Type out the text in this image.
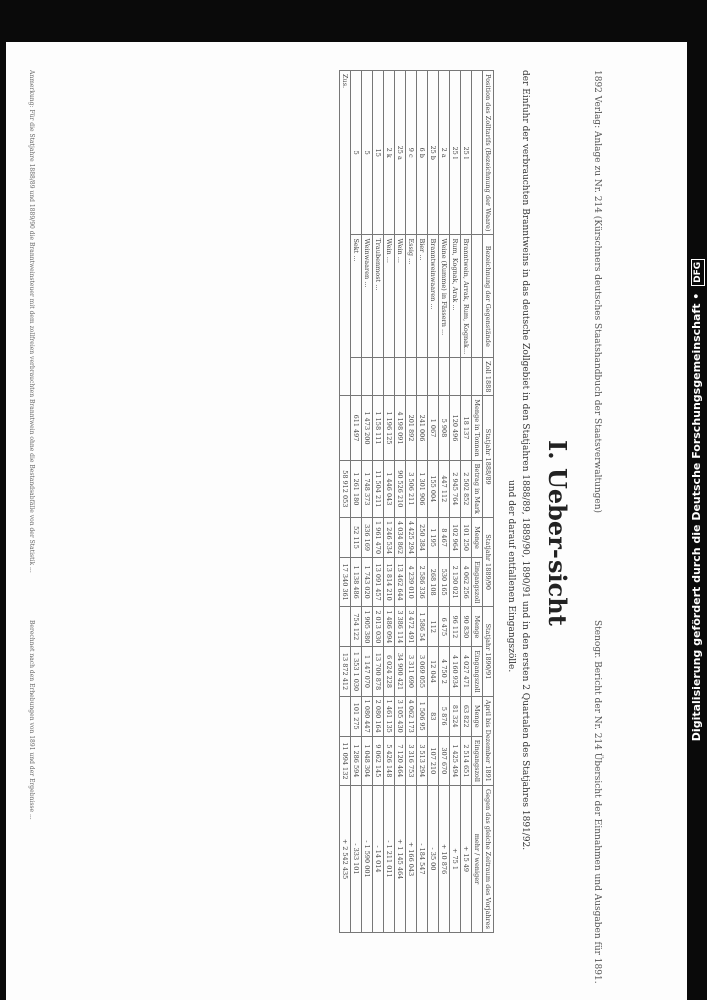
1892 Verlag: Anlage zu Nr. 214 (Kürschners deutsches Staatshandbuch der Staatsverwaltungen)
Stenogr. Bericht der Nr. 214 Übersicht der Einnahmen und Ausgaben für 1891.
I. Ueber-
sicht
der Einfuhr der verbrauchten Branntweins in das deutsche Zollgebiet in den Statjahren 1888/89, 1889/90, 1890/91 und in den ersten 2 Quartalen des Statjahres 1891/92.
und der darauf entfallenen Eingangszölle.
Position des Zolltarifs (Bezeichnung der Waare)	Bezeichnung der Gegenstände	Zoll 1888	Statjahr 1888/89		Statjahr 1889/90		Statjahr 1890/91		April bis Dezember 1891		Gegen das gleiche Zeitraum des Vorjahres
			Menge in Tonnen	Betrag in Mark	Menge	Eingangszoll	Menge	Eingangszoll	Menge	Eingangszoll	mehr / weniger
25 l	Branntwein, Arrak, Rum, Kognak...		18 137	2 502 852	101 250	4 062 256	90 830	4 027 471	63 822	2 514 651	+ 15 49
25 l	Rum, Kognak, Arak ...		120 496	2 945 764	102 964	2 130 021	96 112	4 160 934	81 324	1 425 494	+ 75 1
2 a	Weine (Kumme) in Fässern ...		5 908	447 112	8 467	530 165	6 475	4 750 2	5 876	307 670	+ 10 876
25 b	Branntweinwaaren ...		1 067	155 004	1 195	268 108	112	12 044	83	107 210	- 35 00
6 b	Bier ...		241 006	1 301 906	250 384	2 586 336	1 586 54	3 069 055	1 506 95	3 513 294	- 184 547
9 c	Essig ...		201 892	3 506 211	4 425 294	4 239 010	3 472 491	3 311 690	4 062 173	3 316 753	+ 166 043
25 a	Wein ...		4 198 091	90 526 210	4 034 862	13 462 644	3 386 114	34 900 421	3 105 430	7 120 464	+ 1 145 464
2 k	Wein ...		1 196 125	1 446 043	1 246 534	13 814 210	1 486 094	6 024 228	1 461 135	5 426 148	- 1 211 011
15	Traubenmost ...		1 158 111	11 504 211	1 961 470	13 091 457	2 013 030	13 700 878	2 080 164	9 062 145	- 14 014
5	Weinwaaren ...		1 473 200	1 748 373	336 169	1 743 020	1 905 380	1 147 070	1 080 447	1 048 304	- 1 590 001
5	Sekt ...		611 497	1 261 180	52 115	1 138 486	754 122	1 353 1 030	101 275	1 286 594	- 333 101
Zus.				58 912 053		17 340 361		13 872 412		11 094 132	+ 2 542 435
Anmerkung: Für die Statjahre 1888/89 und 1889/90 die Branntweinsteuer mit dem zollfreien verbrauchten Branntwein ohne die Bestandsabfälle von der Statistik ...
Berechnet nach den Erhebungen von 1891 und der Ergebnisse ...	Digitalisierung gefördert durch die Deutsche Forschungsgemeinschaft • DFG
